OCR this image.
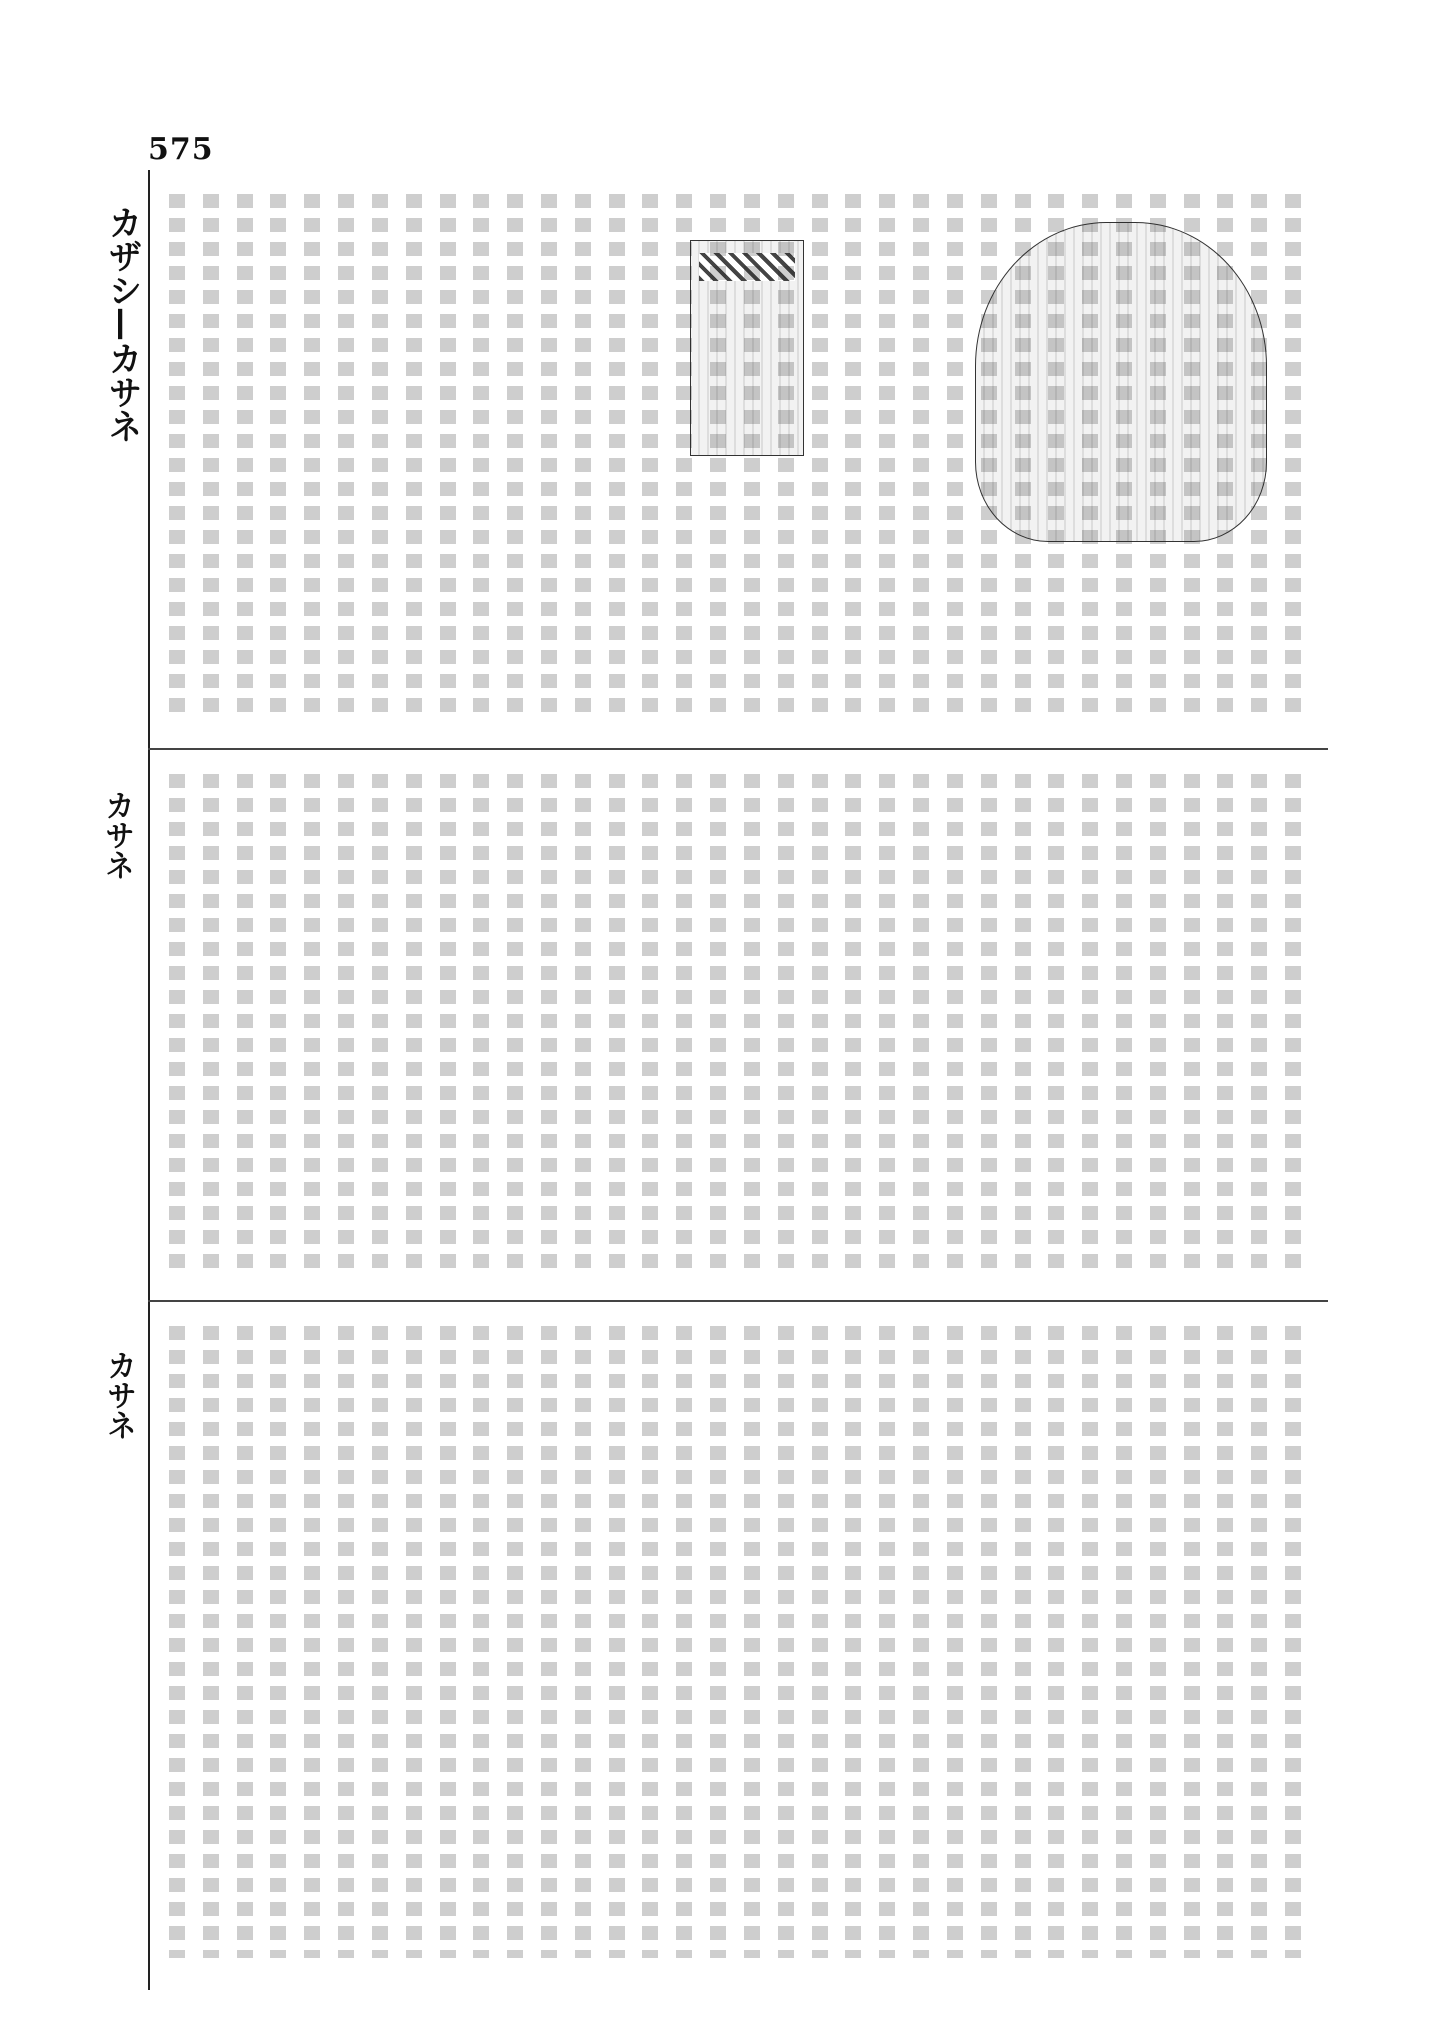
575
カザシ—カサネ
カサネ
カサネ
